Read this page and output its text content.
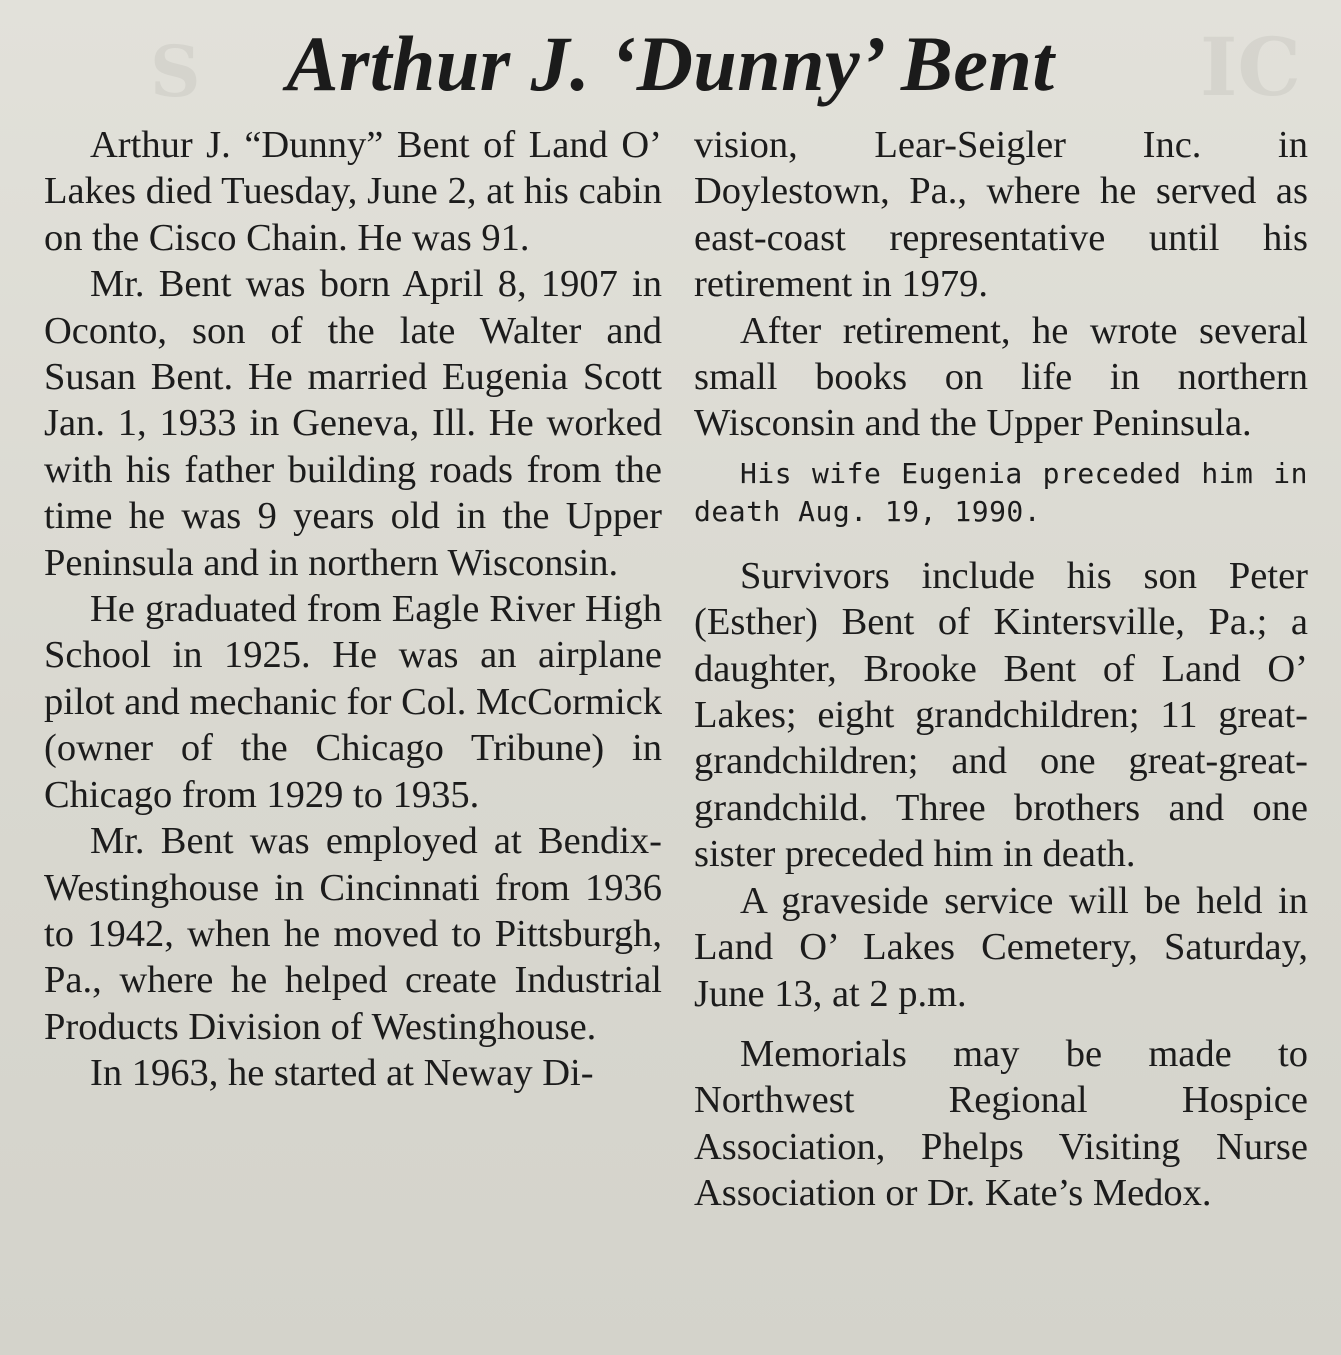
S	IC
Arthur J. ‘Dunny’ Bent

Arthur J. “Dunny” Bent of Land O’ Lakes died Tuesday, June 2, at his cabin on the Cisco Chain. He was 91.

Mr. Bent was born April 8, 1907 in Oconto, son of the late Walter and Susan Bent. He married Eugenia Scott Jan. 1, 1933 in Geneva, Ill. He worked with his father building roads from the time he was 9 years old in the Upper Peninsula and in northern Wisconsin.

He graduated from Eagle River High School in 1925. He was an airplane pilot and mechanic for Col. McCormick (owner of the Chicago Tribune) in Chicago from 1929 to 1935.

Mr. Bent was employed at Bendix-Westinghouse in Cincinnati from 1936 to 1942, when he moved to Pittsburgh, Pa., where he helped create Industrial Products Division of Westinghouse.

In 1963, he started at Neway Di-

vision, Lear-Seigler Inc. in Doylestown, Pa., where he served as east-coast representative until his retirement in 1979.

After retirement, he wrote several small books on life in northern Wisconsin and the Upper Peninsula.

His wife Eugenia preceded him in death Aug. 19, 1990.

Survivors include his son Peter (Esther) Bent of Kintersville, Pa.; a daughter, Brooke Bent of Land O’ Lakes; eight grandchildren; 11 great-grandchildren; and one great-great-grandchild. Three brothers and one sister preceded him in death.

A graveside service will be held in Land O’ Lakes Cemetery, Saturday, June 13, at 2 p.m.

Memorials may be made to Northwest Regional Hospice Association, Phelps Visiting Nurse Association or Dr. Kate’s Medox.
